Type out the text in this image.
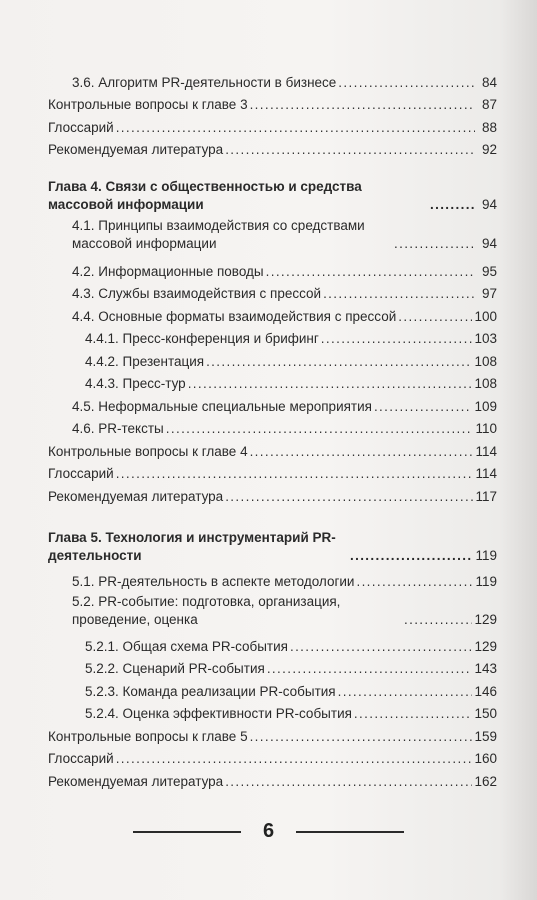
3.6. Алгоритм PR-деятельности в бизнесе . . .	84
Контрольные вопросы к главе 3 . . .	87
Глоссарий . . .	88
Рекомендуемая литература . . .	92
Глава 4. Связи с общественностью и средства массовой информации . . .	94
4.1. Принципы взаимодействия со средствами массовой информации . . .	94
4.2. Информационные поводы . . .	95
4.3. Службы взаимодействия с прессой . . .	97
4.4. Основные форматы взаимодействия с прессой . . .	100
4.4.1. Пресс-конференция и брифинг . . .	103
4.4.2. Презентация . . .	108
4.4.3. Пресс-тур . . .	108
4.5. Неформальные специальные мероприятия . . .	109
4.6. PR-тексты . . .	110
Контрольные вопросы к главе 4 . . .	114
Глоссарий . . .	114
Рекомендуемая литература . . .	117
Глава 5. Технология и инструментарий PR-деятельности . . .	119
5.1. PR-деятельность в аспекте методологии . . .	119
5.2. PR-событие: подготовка, организация, проведение, оценка . . .	129
5.2.1. Общая схема PR-события . . .	129
5.2.2. Сценарий PR-события . . .	143
5.2.3. Команда реализации PR-события . . .	146
5.2.4. Оценка эффективности PR-события . . .	150
Контрольные вопросы к главе 5 . . .	159
Глоссарий . . .	160
Рекомендуемая литература . . .	162
6
